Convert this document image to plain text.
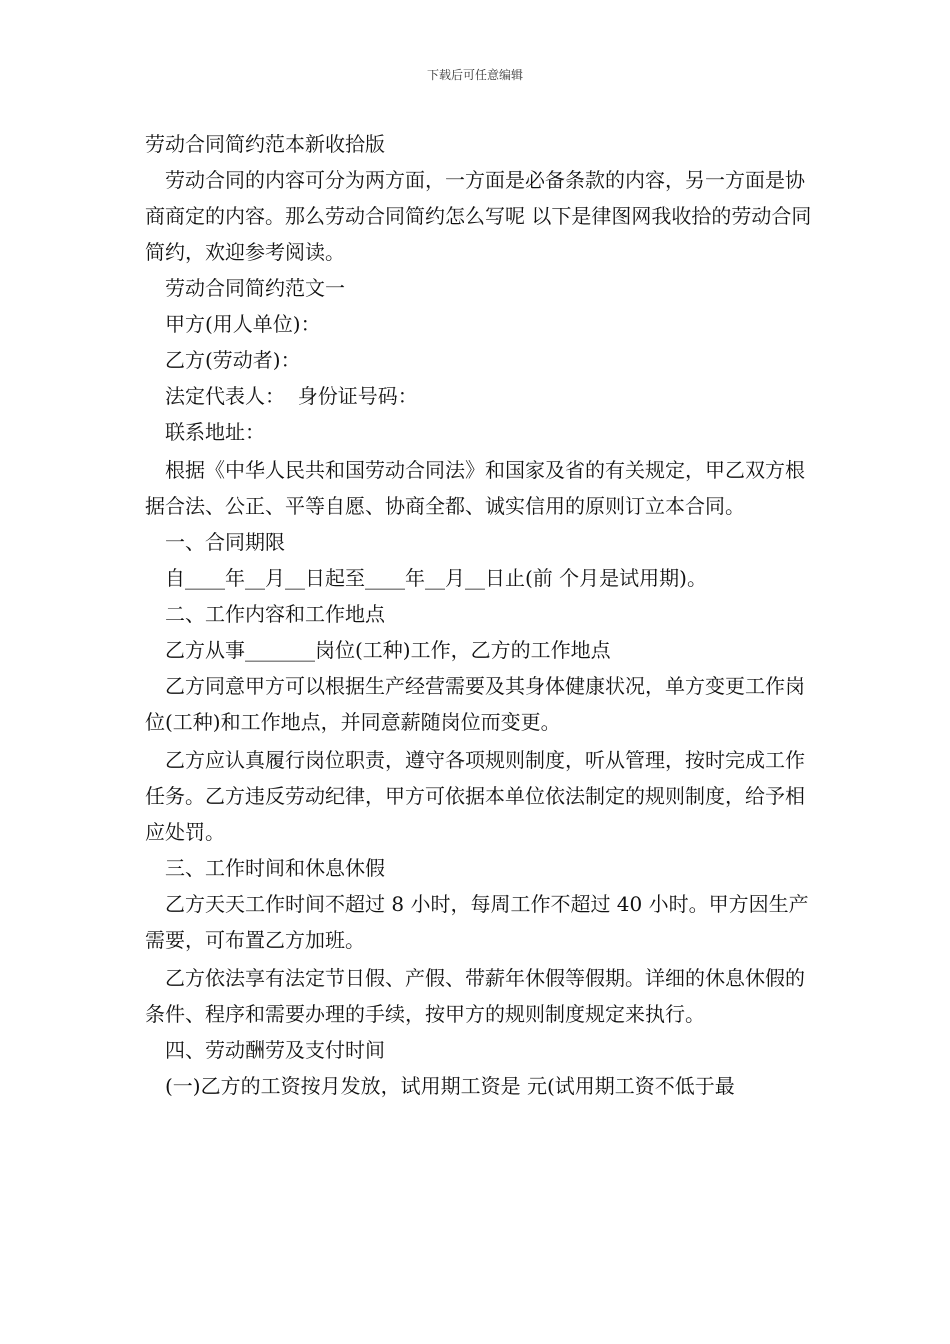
下载后可任意编辑

劳动合同简约范本新收拾版

劳动合同的内容可分为两方面，一方面是必备条款的内容，另一方面是协商商定的内容。那么劳动合同简约怎么写呢 以下是律图网我收拾的劳动合同简约，欢迎参考阅读。

劳动合同简约范文一

甲方(用人单位)：

乙方(劳动者)：

法定代表人：  身份证号码：

联系地址：

根据《中华人民共和国劳动合同法》和国家及省的有关规定，甲乙双方根据合法、公正、平等自愿、协商全都、诚实信用的原则订立本合同。

一、合同期限

自____年__月__日起至____年__月__日止(前 个月是试用期)。

二、工作内容和工作地点

乙方从事_______岗位(工种)工作，乙方的工作地点

乙方同意甲方可以根据生产经营需要及其身体健康状况，单方变更工作岗位(工种)和工作地点，并同意薪随岗位而变更。

乙方应认真履行岗位职责，遵守各项规则制度，听从管理，按时完成工作任务。乙方违反劳动纪律，甲方可依据本单位依法制定的规则制度，给予相应处罚。

三、工作时间和休息休假

乙方天天工作时间不超过 8 小时，每周工作不超过 40 小时。甲方因生产需要，可布置乙方加班。

乙方依法享有法定节日假、产假、带薪年休假等假期。详细的休息休假的条件、程序和需要办理的手续，按甲方的规则制度规定来执行。

四、劳动酬劳及支付时间

(一)乙方的工资按月发放，试用期工资是 元(试用期工资不低于最
